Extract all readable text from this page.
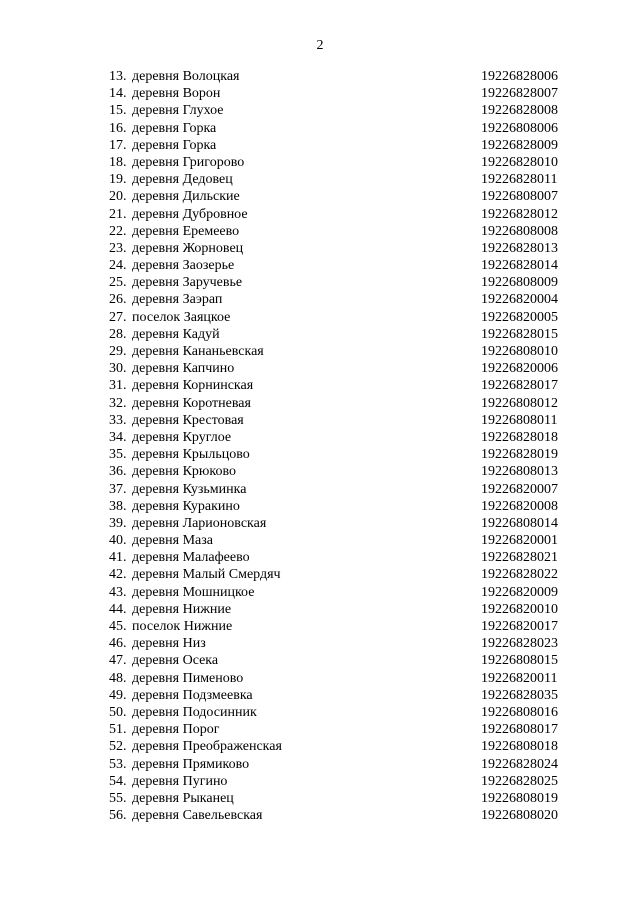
2
13. деревня Волоцкая	19226828006
14. деревня Ворон	19226828007
15. деревня Глухое	19226828008
16. деревня Горка	19226808006
17. деревня Горка	19226828009
18. деревня Григорово	19226828010
19. деревня Дедовец	19226828011
20. деревня Дильские	19226808007
21. деревня Дубровное	19226828012
22. деревня Еремеево	19226808008
23. деревня Жорновец	19226828013
24. деревня Заозерье	19226828014
25. деревня Заручевье	19226808009
26. деревня Заэрап	19226820004
27. поселок Заяцкое	19226820005
28. деревня Кадуй	19226828015
29. деревня Кананьевская	19226808010
30. деревня Капчино	19226820006
31. деревня Корнинская	19226828017
32. деревня Коротневая	19226808012
33. деревня Крестовая	19226808011
34. деревня Круглое	19226828018
35. деревня Крыльцово	19226828019
36. деревня Крюково	19226808013
37. деревня Кузьминка	19226820007
38. деревня Куракино	19226820008
39. деревня Ларионовская	19226808014
40. деревня Маза	19226820001
41. деревня Малафеево	19226828021
42. деревня Малый Смердяч	19226828022
43. деревня Мошницкое	19226820009
44. деревня Нижние	19226820010
45. поселок Нижние	19226820017
46. деревня Низ	19226828023
47. деревня Осека	19226808015
48. деревня Пименово	19226820011
49. деревня Подзмеевка	19226828035
50. деревня Подосинник	19226808016
51. деревня Порог	19226808017
52. деревня Преображенская	19226808018
53. деревня Прямиково	19226828024
54. деревня Пугино	19226828025
55. деревня Рыканец	19226808019
56. деревня Савельевская	19226808020
